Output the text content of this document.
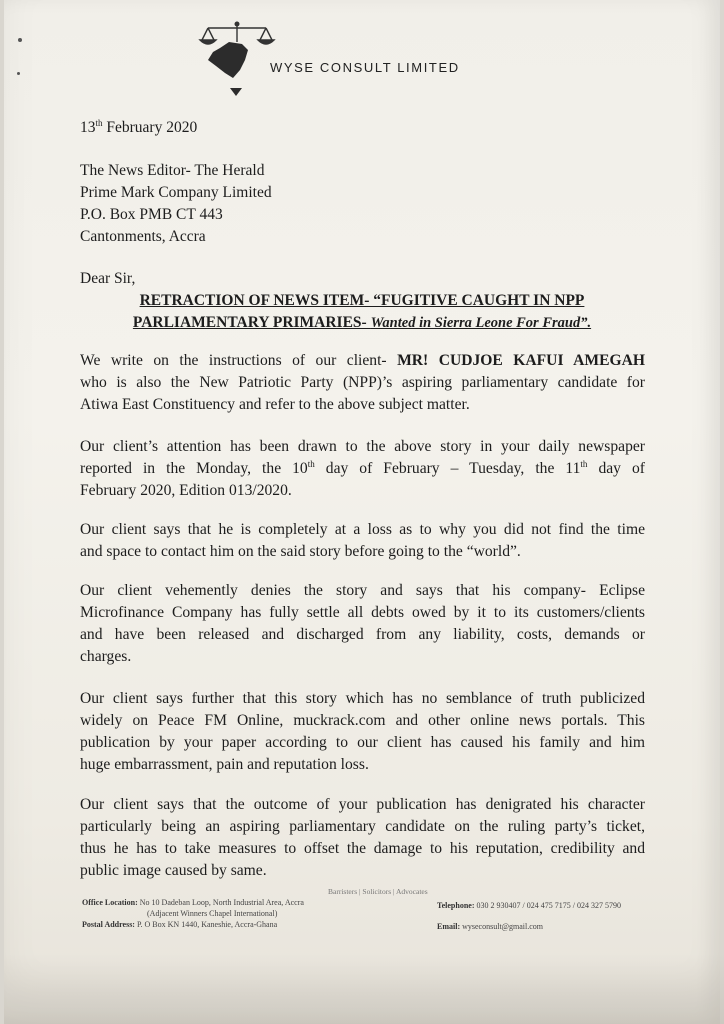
WYSE CONSULT LIMITED
13th February 2020
The News Editor- The Herald
Prime Mark Company Limited
P.O. Box PMB CT 443
Cantonments, Accra
Dear Sir,
RETRACTION OF NEWS ITEM- “FUGITIVE CAUGHT IN NPP
PARLIAMENTARY PRIMARIES- Wanted in Sierra Leone For Fraud”.
We write on the instructions of our client- MR! CUDJOE KAFUI AMEGAH
who is also the New Patriotic Party (NPP)’s aspiring parliamentary candidate for
Atiwa East Constituency and refer to the above subject matter.
Our client’s attention has been drawn to the above story in your daily newspaper
reported in the Monday, the 10th day of February – Tuesday, the 11th day of
February 2020, Edition 013/2020.
Our client says that he is completely at a loss as to why you did not find the time
and space to contact him on the said story before going to the “world”.
Our client vehemently denies the story and says that his company- Eclipse
Microfinance Company has fully settle all debts owed by it to its customers/clients
and have been released and discharged from any liability, costs, demands or
charges.
Our client says further that this story which has no semblance of truth publicized
widely on Peace FM Online, muckrack.com and other online news portals. This
publication by your paper according to our client has caused his family and him
huge embarrassment, pain and reputation loss.
Our client says that the outcome of your publication has denigrated his character
particularly being an aspiring parliamentary candidate on the ruling party’s ticket,
thus he has to take measures to offset the damage to his reputation, credibility and
public image caused by same.
Barristers | Solicitors | Advocates
Office Location: No 10 Dadeban Loop, North Industrial Area, Accra
(Adjacent Winners Chapel International)
Postal Address: P. O Box KN 1440, Kaneshie, Accra-Ghana
Telephone: 030 2 930407 / 024 475 7175 / 024 327 5790
Email: wyseconsult@gmail.com
